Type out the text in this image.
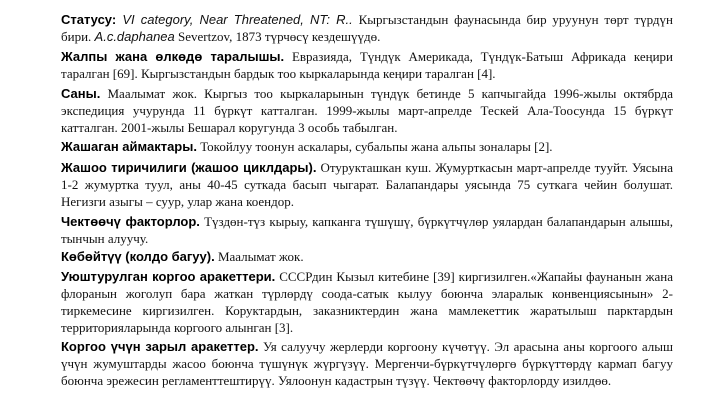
Статусу: VI category, Near Threatened, NT: R.. Кыргызстандын фаунасында бир уруунун төрт түрдүн бири. A.c.daphanea Severtzov, 1873 түрчөсү кездешүүдө.

Жалпы жана өлкөдө таралышы. Евразияда, Түндүк Америкада, Түндүк-Батыш Африкада кеңири таралган [69]. Кыргызстандын бардык тоо кыркаларында кеңири таралган [4].

Саны. Маалымат жок. Кыргыз тоо кыркаларынын түндүк бетинде 5 капчыгайда 1996-жылы октябрда экспедиция учурунда 11 бүркүт катталган. 1999-жылы март-апрелде Тескей Ала-Тоосунда 15 бүркүт катталган. 2001-жылы Бешарал коругунда 3 особь табылган.

Жашаган аймактары. Токойлуу тоонун аскалары, субальпы жана альпы зоналары [2].

Жашоо тиричилиги (жашоо циклдары). Отурукташкан куш. Жумурткасын март-апрелде тууйт. Уясына 1-2 жумуртка туул, аны 40-45 суткада басып чыгарат. Балапандары уясында 75 суткага чейин болушат. Негизги азыгы – суур, улар жана коендор.

Чектөөчү факторлор. Түздөн-түз кырыу, капканга түшүшү, бүркүтчүлөр уялардан балапандарын алышы, тынчын алуучу.

Көбөйтүү (колдо багуу). Маалымат жок.

Уюштурулган коргоо аракеттери. СССРдин Кызыл китебине [39] киргизилген.«Жапайы фаунанын жана флоранын жоголуп бара жаткан түрлөрдү соода-сатык кылуу боюнча эларалык конвенциясынын» 2-тиркемесине киргизилген. Коруктардын, заказниктердин жана мамлекеттик жаратылыш парктардын территорияларында коргоого алынган [3].

Коргоо үчүн зарыл аракеттер. Уя салуучу жерлерди коргоону күчөтүү. Эл арасына аны коргоого алыш үчүн жумуштарды жасоо боюнча түшүнүк жүргүзүү. Мергенчи-бүркүтчүлөргө бүркүттөрдү кармап багуу боюнча эрежесин регламенттештирүү. Уялоонун кадастрын түзүү. Чектөөчү факторлорду изилдөө.
